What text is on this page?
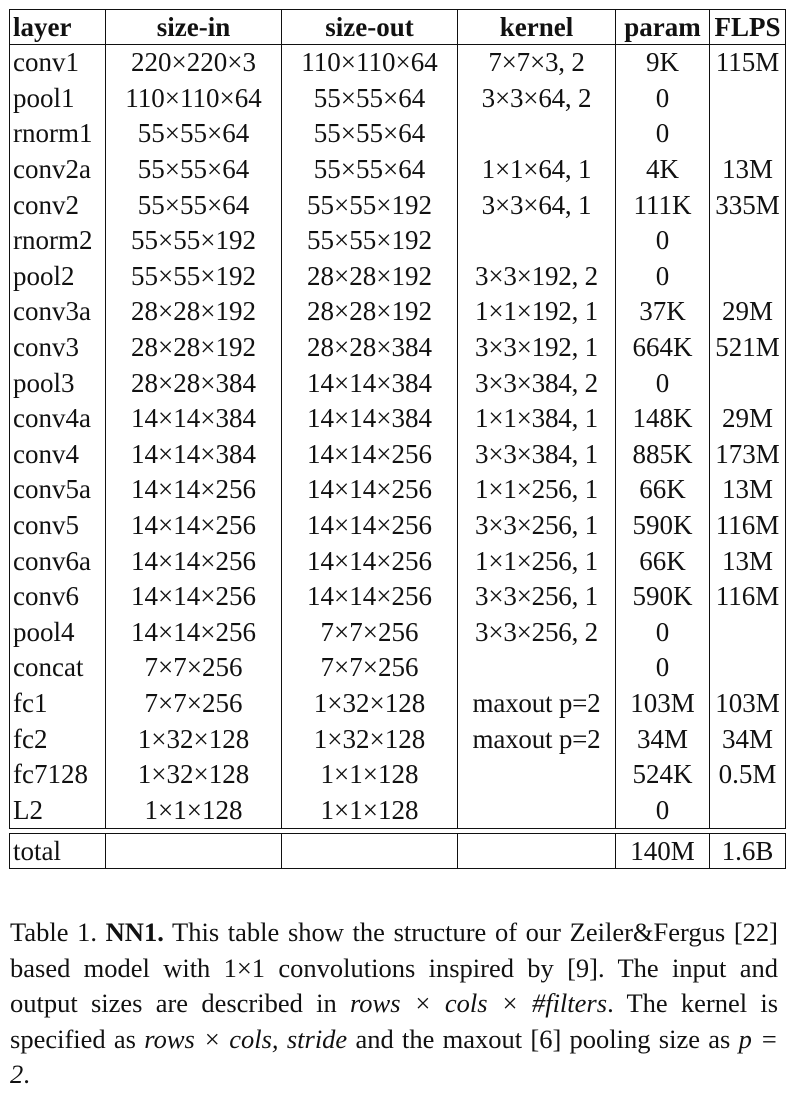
layer	size-in	size-out	kernel	param	FLPS
conv1	220×220×3	110×110×64	7×7×3, 2	9K	115M
pool1	110×110×64	55×55×64	3×3×64, 2	0	
rnorm1	55×55×64	55×55×64		0	
conv2a	55×55×64	55×55×64	1×1×64, 1	4K	13M
conv2	55×55×64	55×55×192	3×3×64, 1	111K	335M
rnorm2	55×55×192	55×55×192		0	
pool2	55×55×192	28×28×192	3×3×192, 2	0	
conv3a	28×28×192	28×28×192	1×1×192, 1	37K	29M
conv3	28×28×192	28×28×384	3×3×192, 1	664K	521M
pool3	28×28×384	14×14×384	3×3×384, 2	0	
conv4a	14×14×384	14×14×384	1×1×384, 1	148K	29M
conv4	14×14×384	14×14×256	3×3×384, 1	885K	173M
conv5a	14×14×256	14×14×256	1×1×256, 1	66K	13M
conv5	14×14×256	14×14×256	3×3×256, 1	590K	116M
conv6a	14×14×256	14×14×256	1×1×256, 1	66K	13M
conv6	14×14×256	14×14×256	3×3×256, 1	590K	116M
pool4	14×14×256	7×7×256	3×3×256, 2	0	
concat	7×7×256	7×7×256		0	
fc1	7×7×256	1×32×128	maxout p=2	103M	103M
fc2	1×32×128	1×32×128	maxout p=2	34M	34M
fc7128	1×32×128	1×1×128		524K	0.5M
L2	1×1×128	1×1×128		0	

total				140M	1.6B
Table 1. NN1. This table show the structure of our Zeiler&Fergus [22] based model with 1×1 convolutions inspired by [9]. The input and output sizes are described in rows × cols × #filters. The kernel is specified as rows × cols, stride and the maxout [6] pooling size as p = 2.
